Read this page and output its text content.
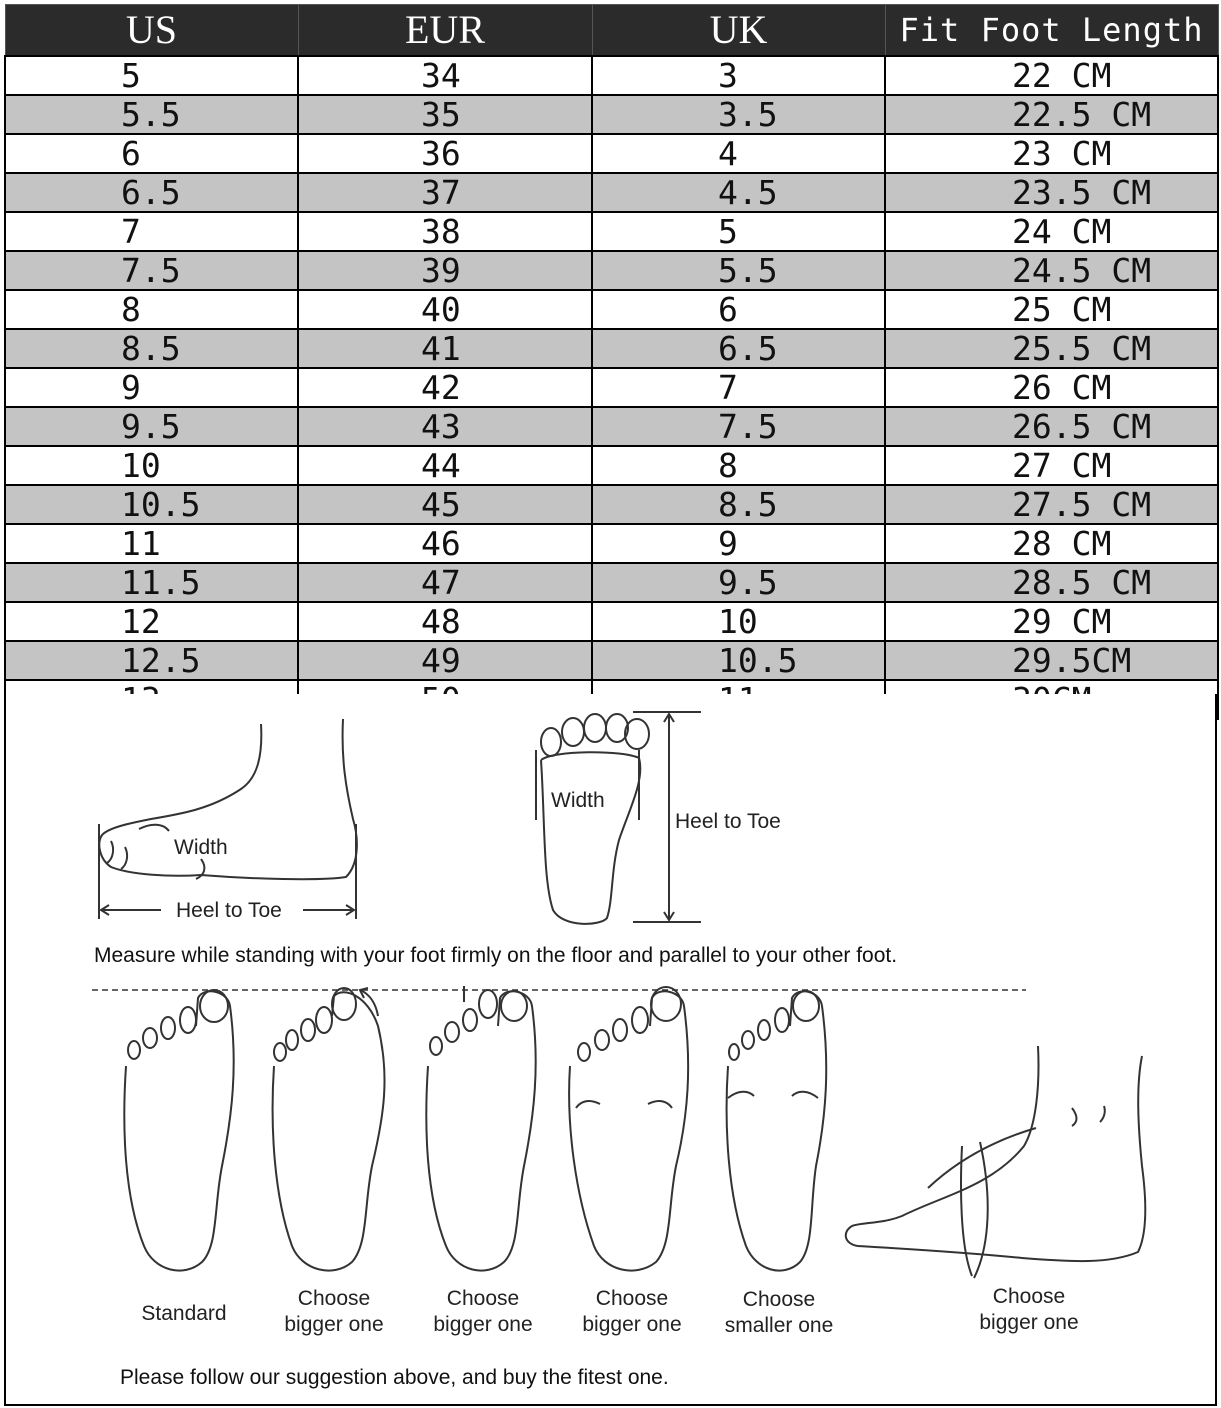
US	EUR	UK	Fit Foot Length
5	34	3	22 CM
5.5	35	3.5	22.5 CM
6	36	4	23 CM
6.5	37	4.5	23.5 CM
7	38	5	24 CM
7.5	39	5.5	24.5 CM
8	40	6	25 CM
8.5	41	6.5	25.5 CM
9	42	7	26 CM
9.5	43	7.5	26.5 CM
10	44	8	27 CM
10.5	45	8.5	27.5 CM
11	46	9	28 CM
11.5	47	9.5	28.5 CM
12	48	10	29 CM
12.5	49	10.5	29.5CM

Width
Heel to Toe
Width
Heel to Toe
Measure while standing with your foot firmly on the floor and parallel to your other foot.
Standard
Choose bigger one
Choose bigger one
Choose bigger one
Choose smaller one
Choose bigger one
Please follow our suggestion above, and buy the fitest one.
